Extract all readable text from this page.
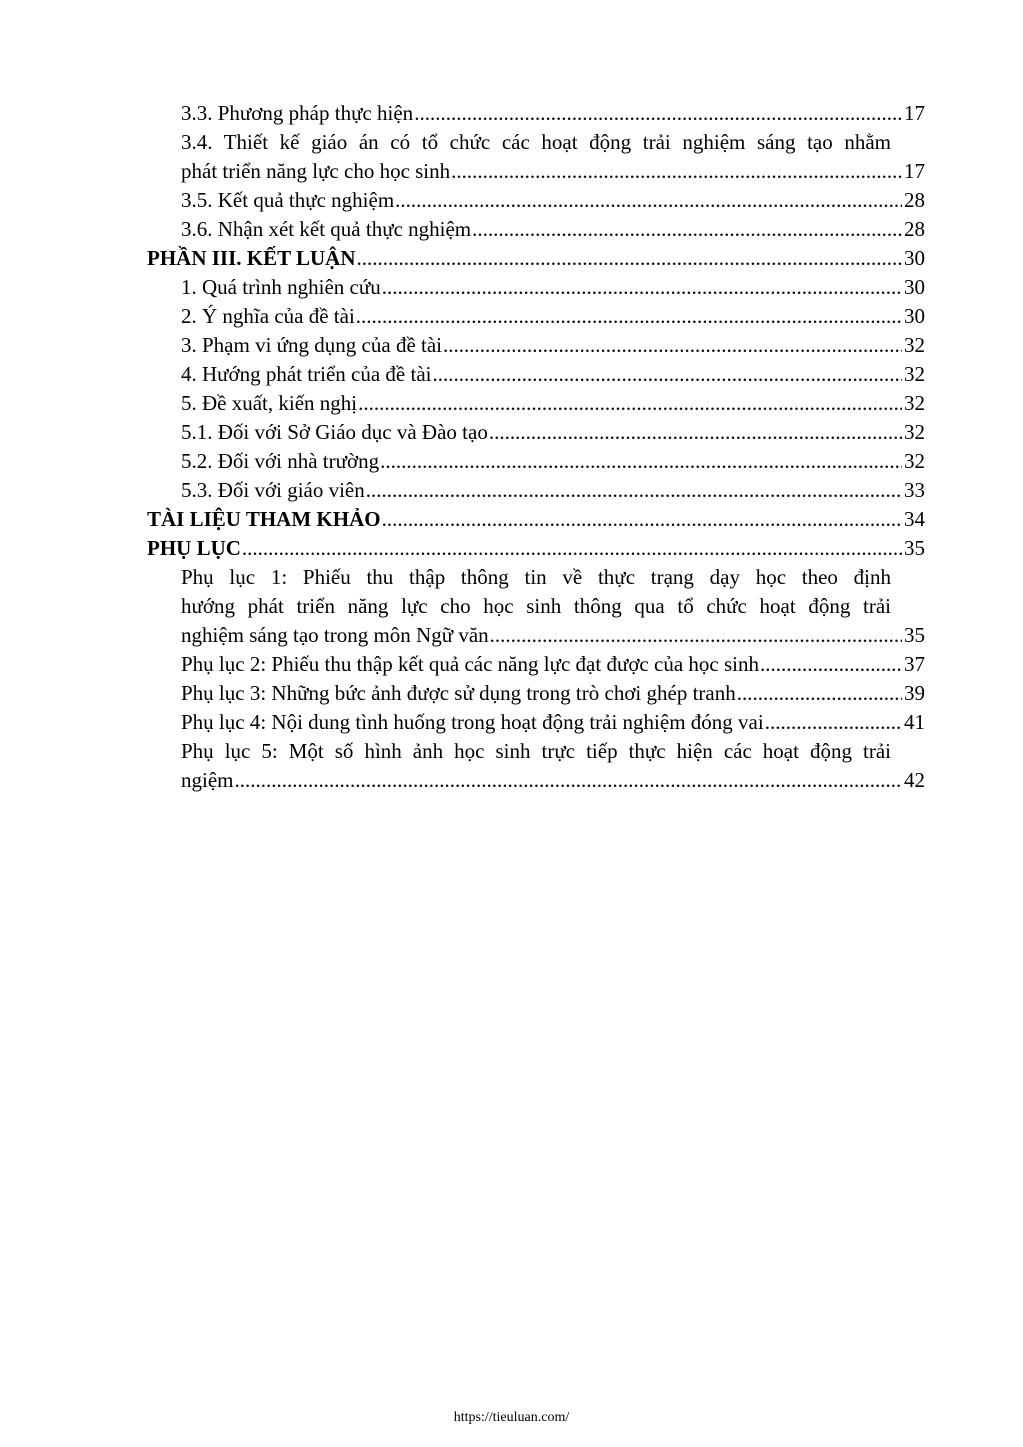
3.3. Phương pháp thực hiện .....	17
3.4. Thiết kế giáo án có tổ chức các hoạt động trải nghiệm sáng tạo nhằm
phát triển năng lực cho học sinh .....	17
3.5. Kết quả thực nghiệm .....	28
3.6. Nhận xét kết quả thực nghiệm .....	28
PHẦN III. KẾT LUẬN .....	30
1. Quá trình nghiên cứu .....	30
2. Ý nghĩa của đề tài .....	30
3. Phạm vi ứng dụng của đề tài .....	32
4. Hướng phát triển của đề tài .....	32
5. Đề xuất, kiến nghị .....	32
5.1. Đối với Sở Giáo dục và Đào tạo .....	32
5.2. Đối với nhà trường .....	32
5.3. Đối với giáo viên .....	33
TÀI LIỆU THAM KHẢO .....	34
PHỤ LỤC .....	35
Phụ lục 1: Phiếu thu thập thông tin về thực trạng dạy học theo định
hướng phát triển năng lực cho học sinh thông qua tổ chức hoạt động trải
nghiệm sáng tạo trong môn Ngữ văn .....	35
Phụ lục 2: Phiếu thu thập kết quả các năng lực đạt được của học sinh .....	37
Phụ lục 3: Những bức ảnh được sử dụng trong trò chơi ghép tranh .....	39
Phụ lục 4: Nội dung tình huống trong hoạt động trải nghiệm đóng vai .....	41
Phụ lục 5: Một số hình ảnh học sinh trực tiếp thực hiện các hoạt động trải
ngiệm .....	42
https://tieuluan.com/
